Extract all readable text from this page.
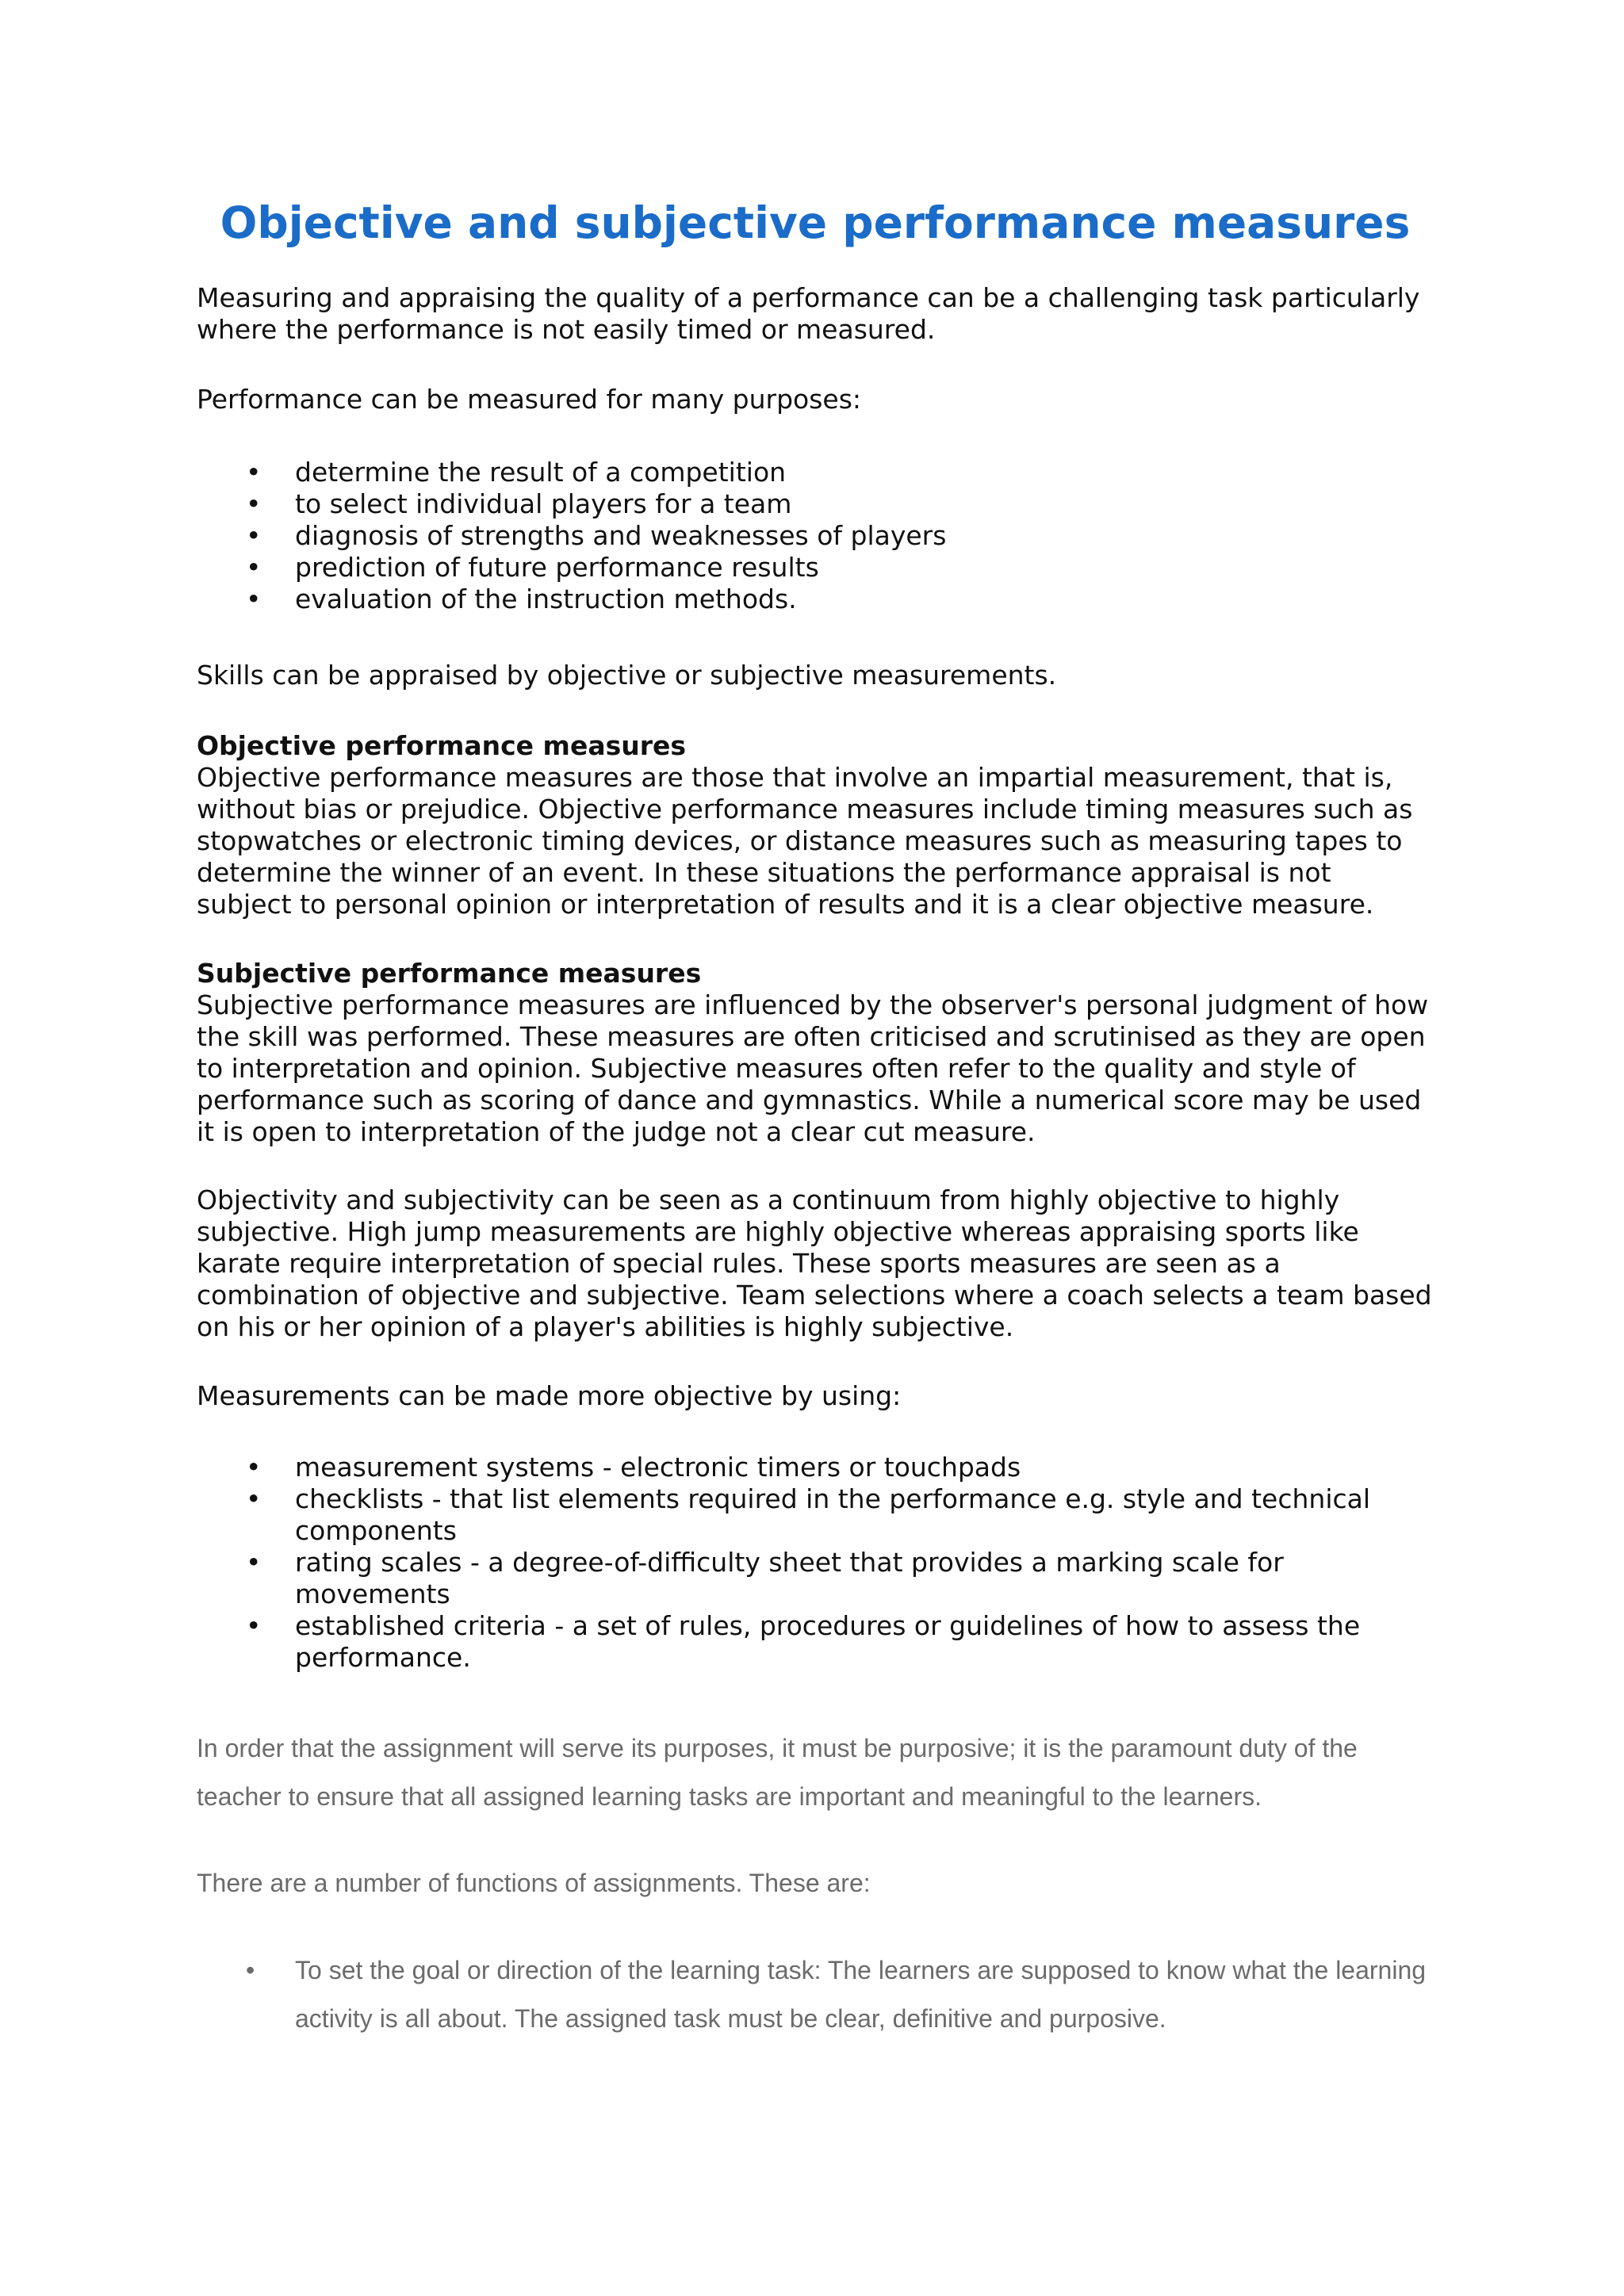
Objective and subjective performance measures

Measuring and appraising the quality of a performance can be a challenging task particularly where the performance is not easily timed or measured.

Performance can be measured for many purposes:

• determine the result of a competition
• to select individual players for a team
• diagnosis of strengths and weaknesses of players
• prediction of future performance results
• evaluation of the instruction methods.

Skills can be appraised by objective or subjective measurements.

Objective performance measures
Objective performance measures are those that involve an impartial measurement, that is, without bias or prejudice. Objective performance measures include timing measures such as stopwatches or electronic timing devices, or distance measures such as measuring tapes to determine the winner of an event. In these situations the performance appraisal is not subject to personal opinion or interpretation of results and it is a clear objective measure.
Subjective performance measures
Subjective performance measures are influenced by the observer's personal judgment of how the skill was performed. These measures are often criticised and scrutinised as they are open to interpretation and opinion. Subjective measures often refer to the quality and style of performance such as scoring of dance and gymnastics. While a numerical score may be used it is open to interpretation of the judge not a clear cut measure.

Objectivity and subjectivity can be seen as a continuum from highly objective to highly subjective. High jump measurements are highly objective whereas appraising sports like karate require interpretation of special rules. These sports measures are seen as a combination of objective and subjective. Team selections where a coach selects a team based on his or her opinion of a player's abilities is highly subjective.

Measurements can be made more objective by using:

• measurement systems - electronic timers or touchpads
• checklists - that list elements required in the performance e.g. style and technical components
• rating scales - a degree-of-difficulty sheet that provides a marking scale for movements
• established criteria - a set of rules, procedures or guidelines of how to assess the performance.

In order that the assignment will serve its purposes, it must be purposive; it is the paramount duty of the teacher to ensure that all assigned learning tasks are important and meaningful to the learners.

There are a number of functions of assignments. These are:

• To set the goal or direction of the learning task: The learners are supposed to know what the learning activity is all about. The assigned task must be clear, definitive and purposive.
